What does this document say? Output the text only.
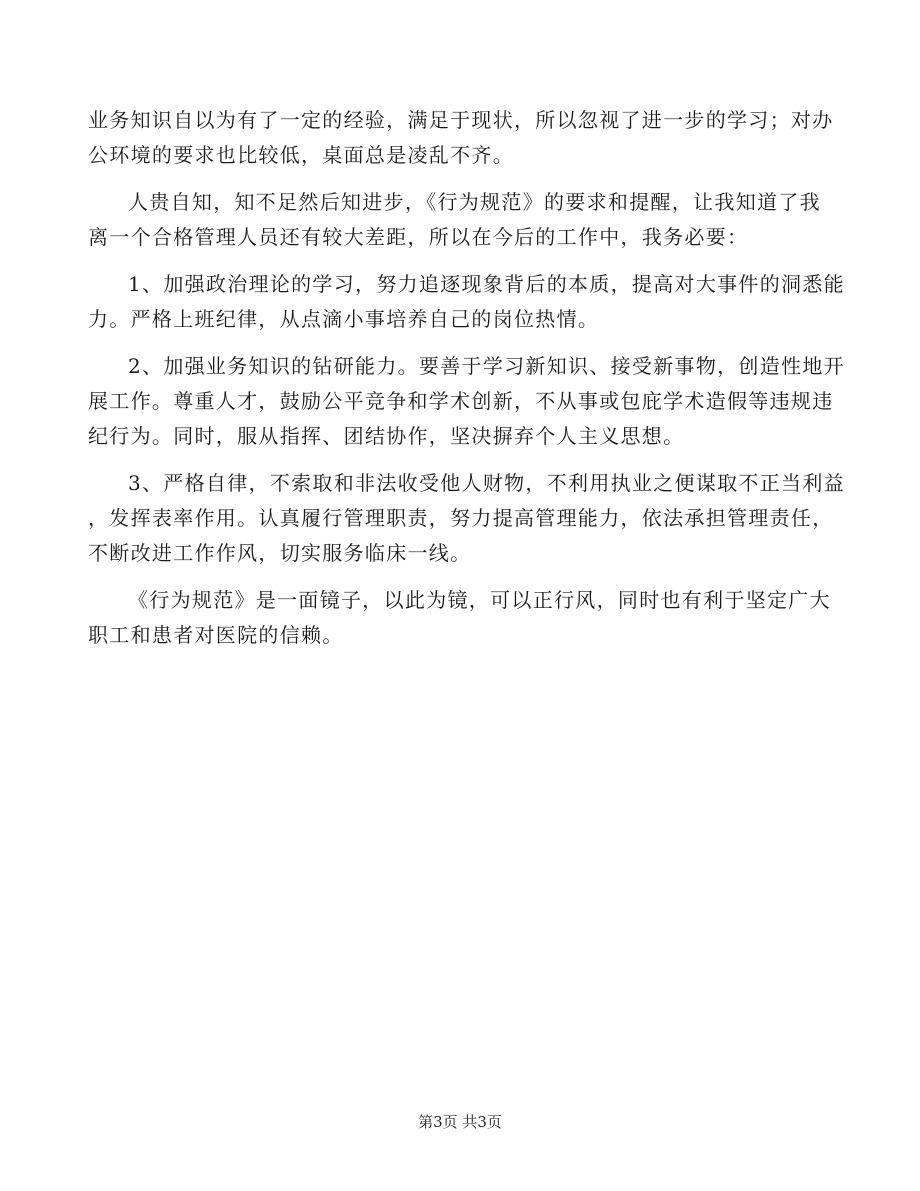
业务知识自以为有了一定的经验，满足于现状，所以忽视了进一步的学习；对办
公环境的要求也比较低，桌面总是凌乱不齐。
人贵自知，知不足然后知进步，《行为规范》的要求和提醒，让我知道了我
离一个合格管理人员还有较大差距，所以在今后的工作中，我务必要：
1、加强政治理论的学习，努力追逐现象背后的本质，提高对大事件的洞悉能
力。严格上班纪律，从点滴小事培养自己的岗位热情。
2、加强业务知识的钻研能力。要善于学习新知识、接受新事物，创造性地开
展工作。尊重人才，鼓励公平竞争和学术创新，不从事或包庇学术造假等违规违
纪行为。同时，服从指挥、团结协作，坚决摒弃个人主义思想。
3、严格自律，不索取和非法收受他人财物，不利用执业之便谋取不正当利益
，发挥表率作用。认真履行管理职责，努力提高管理能力，依法承担管理责任，
不断改进工作作风，切实服务临床一线。
《行为规范》是一面镜子，以此为镜，可以正行风，同时也有利于坚定广大
职工和患者对医院的信赖。
第3页 共3页
